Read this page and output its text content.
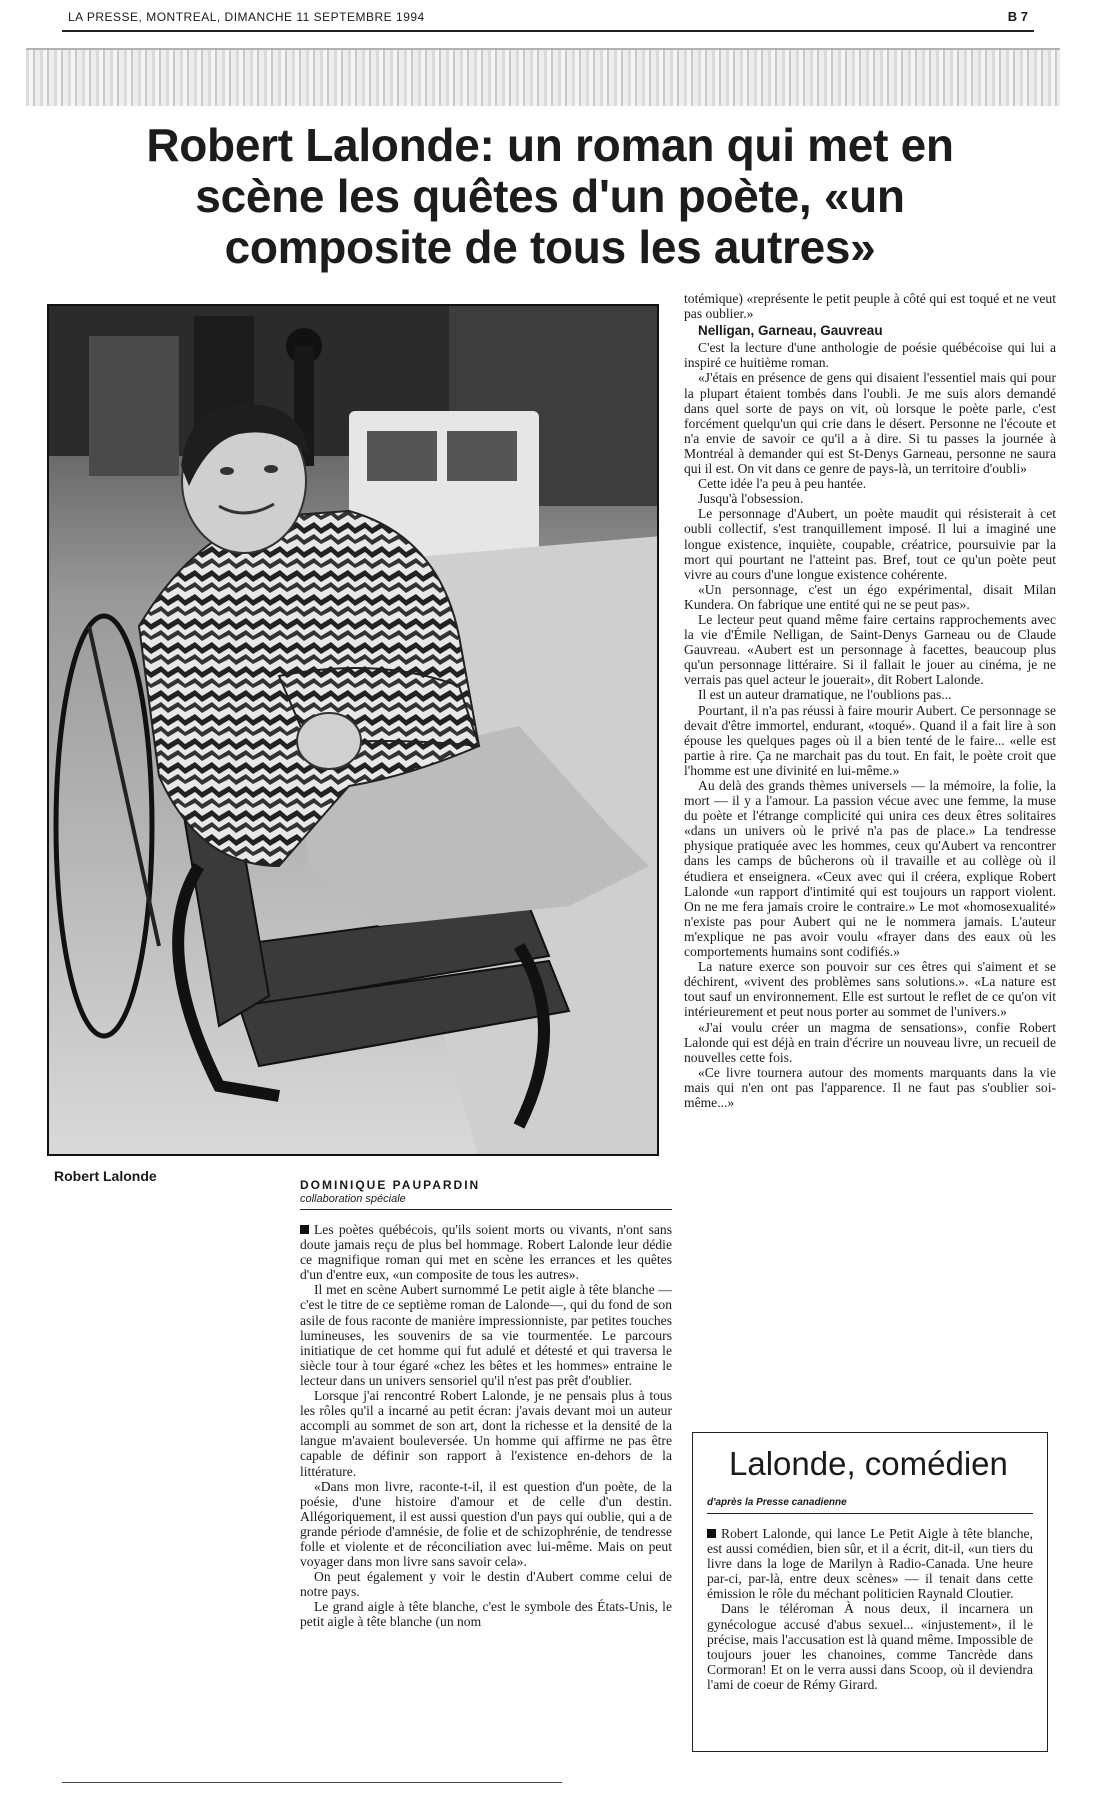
LA PRESSE, MONTREAL, DIMANCHE 11 SEPTEMBRE 1994	B 7
Robert Lalonde: un roman qui met en scène les quêtes d'un poète, «un composite de tous les autres»
Robert Lalonde
DOMINIQUE PAUPARDIN
collaboration spéciale

Les poètes québécois, qu'ils soient morts ou vivants, n'ont sans doute jamais reçu de plus bel hommage. Robert Lalonde leur dédie ce magnifique roman qui met en scène les errances et les quêtes d'un d'entre eux, «un composite de tous les autres».

Il met en scène Aubert surnommé Le petit aigle à tête blanche —c'est le titre de ce septième roman de Lalonde—, qui du fond de son asile de fous raconte de manière impressionniste, par petites touches lumineuses, les souvenirs de sa vie tourmentée. Le parcours initiatique de cet homme qui fut adulé et détesté et qui traversa le siècle tour à tour égaré «chez les bêtes et les hommes» entraine le lecteur dans un univers sensoriel qu'il n'est pas prêt d'oublier.

Lorsque j'ai rencontré Robert Lalonde, je ne pensais plus à tous les rôles qu'il a incarné au petit écran: j'avais devant moi un auteur accompli au sommet de son art, dont la richesse et la densité de la langue m'avaient bouleversée. Un homme qui affirme ne pas être capable de définir son rapport à l'existence en-dehors de la littérature.

«Dans mon livre, raconte-t-il, il est question d'un poète, de la poésie, d'une histoire d'amour et de celle d'un destin. Allégoriquement, il est aussi question d'un pays qui oublie, qui a de grande période d'amnésie, de folie et de schizophrénie, de tendresse folle et violente et de réconciliation avec lui-même. Mais on peut voyager dans mon livre sans savoir cela».

On peut également y voir le destin d'Aubert comme celui de notre pays.

Le grand aigle à tête blanche, c'est le symbole des États-Unis, le petit aigle à tête blanche (un nom

totémique) «représente le petit peuple à côté qui est toqué et ne veut pas oublier.»

Nelligan, Garneau, Gauvreau

C'est la lecture d'une anthologie de poésie québécoise qui lui a inspiré ce huitième roman.

«J'étais en présence de gens qui disaient l'essentiel mais qui pour la plupart étaient tombés dans l'oubli. Je me suis alors demandé dans quel sorte de pays on vit, où lorsque le poète parle, c'est forcément quelqu'un qui crie dans le désert. Personne ne l'écoute et n'a envie de savoir ce qu'il a à dire. Si tu passes la journée à Montréal à demander qui est St-Denys Garneau, personne ne saura qui il est. On vit dans ce genre de pays-là, un territoire d'oubli»

Cette idée l'a peu à peu hantée.

Jusqu'à l'obsession.

Le personnage d'Aubert, un poète maudit qui résisterait à cet oubli collectif, s'est tranquillement imposé. Il lui a imaginé une longue existence, inquiète, coupable, créatrice, poursuivie par la mort qui pourtant ne l'atteint pas. Bref, tout ce qu'un poète peut vivre au cours d'une longue existence cohérente.

«Un personnage, c'est un égo expérimental, disait Milan Kundera. On fabrique une entité qui ne se peut pas».

Le lecteur peut quand même faire certains rapprochements avec la vie d'Émile Nelligan, de Saint-Denys Garneau ou de Claude Gauvreau. «Aubert est un personnage à facettes, beaucoup plus qu'un personnage littéraire. Si il fallait le jouer au cinéma, je ne verrais pas quel acteur le jouerait», dit Robert Lalonde.

Il est un auteur dramatique, ne l'oublions pas...

Pourtant, il n'a pas réussi à faire mourir Aubert. Ce personnage se devait d'être immortel, endurant, «toqué». Quand il a fait lire à son épouse les quelques pages où il a bien tenté de le faire... «elle est partie à rire. Ça ne marchait pas du tout. En fait, le poète croit que l'homme est une divinité en lui-même.»

Au delà des grands thèmes universels — la mémoire, la folie, la mort — il y a l'amour. La passion vécue avec une femme, la muse du poète et l'étrange complicité qui unira ces deux êtres solitaires «dans un univers où le privé n'a pas de place.» La tendresse physique pratiquée avec les hommes, ceux qu'Aubert va rencontrer dans les camps de bûcherons où il travaille et au collège où il étudiera et enseignera. «Ceux avec qui il créera, explique Robert Lalonde «un rapport d'intimité qui est toujours un rapport violent. On ne me fera jamais croire le contraire.» Le mot «homosexualité» n'existe pas pour Aubert qui ne le nommera jamais. L'auteur m'explique ne pas avoir voulu «frayer dans des eaux où les comportements humains sont codifiés.»

La nature exerce son pouvoir sur ces êtres qui s'aiment et se déchirent, «vivent des problèmes sans solutions.». «La nature est tout sauf un environnement. Elle est surtout le reflet de ce qu'on vit intérieurement et peut nous porter au sommet de l'univers.»

«J'ai voulu créer un magma de sensations», confie Robert Lalonde qui est déjà en train d'écrire un nouveau livre, un recueil de nouvelles cette fois.

«Ce livre tournera autour des moments marquants dans la vie mais qui n'en ont pas l'apparence. Il ne faut pas s'oublier soi-même...»

Lalonde, comédien
d'après la Presse canadienne

Robert Lalonde, qui lance Le Petit Aigle à tête blanche, est aussi comédien, bien sûr, et il a écrit, dit-il, «un tiers du livre dans la loge de Marilyn à Radio-Canada. Une heure par-ci, par-là, entre deux scènes» — il tenait dans cette émission le rôle du méchant politicien Raynald Cloutier.

Dans le téléroman À nous deux, il incarnera un gynécologue accusé d'abus sexuel... «injustement», il le précise, mais l'accusation est là quand même. Impossible de toujours jouer les chanoines, comme Tancrède dans Cormoran! Et on le verra aussi dans Scoop, où il deviendra l'ami de coeur de Rémy Girard.
